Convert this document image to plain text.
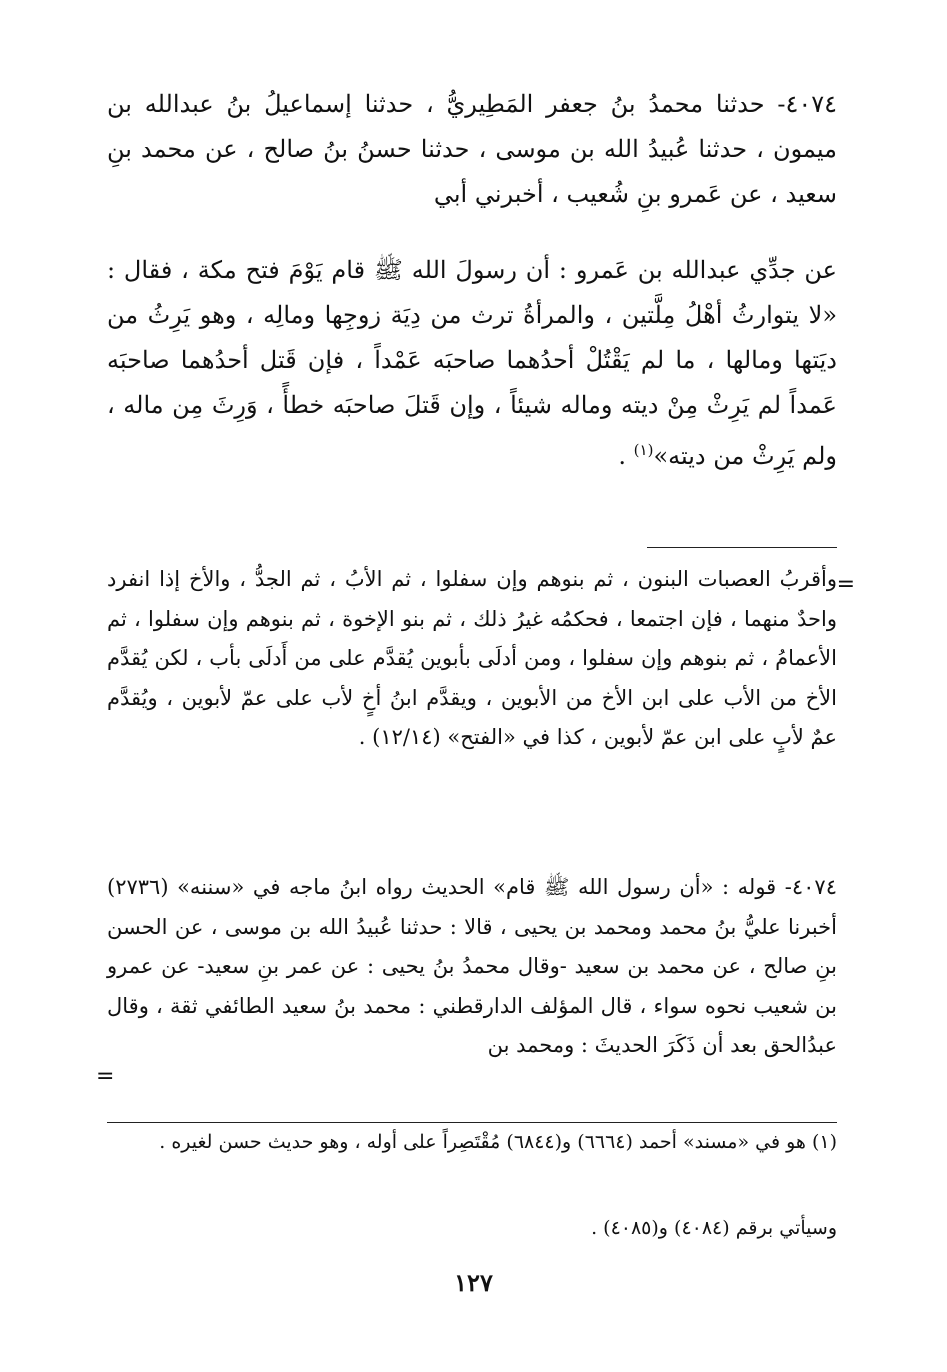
٤٠٧٤- حدثنا محمدُ بنُ جعفر المَطِيريُّ ، حدثنا إسماعيلُ بنُ عبدالله بن ميمون ، حدثنا عُبيدُ الله بن موسى ، حدثنا حسنُ بنُ صالح ، عن محمد بنِ سعيد ، عن عَمرو بنِ شُعيب ، أخبرني أبي

عن جدِّي عبدالله بن عَمرو : أن رسولَ الله ﷺ قام يَوْمَ فتح مكة ، فقال : «لا يتوارثُ أهْلُ مِلَّتين ، والمرأةُ ترث من دِيَة زوجِها ومالِه ، وهو يَرِثُ من ديَتها ومالها ، ما لم يَقْتُلْ أحدُهما صاحبَه عَمْداً ، فإن قَتل أحدُهما صاحبَه عَمداً لم يَرِثْ مِنْ ديته وماله شيئاً ، وإن قَتلَ صاحبَه خطأً ، وَرِثَ مِن ماله ، ولم يَرِثْ من ديته»$^{(١)}$ .

=

وأقربُ العصبات البنون ، ثم بنوهم وإن سفلوا ، ثم الأبُ ، ثم الجدُّ ، والأخ إذا انفرد واحدٌ منهما ، فإن اجتمعا ، فحكمُه غيرُ ذلك ، ثم بنو الإخوة ، ثم بنوهم وإن سفلوا ، ثم الأعمامُ ، ثم بنوهم وإن سفلوا ، ومن أدلَى بأبوين يُقدَّم على من أَدلَى بأب ، لكن يُقدَّم الأخ من الأب على ابن الأخ من الأبوين ، ويقدَّم ابنُ أخٍ لأب على عمّ لأبوين ، ويُقدَّم عمٌ لأبٍ على ابن عمّ لأبوين ، كذا في «الفتح» (١٢/١٤) .

٤٠٧٤- قوله : «أن رسول الله ﷺ قام» الحديث رواه ابنُ ماجه في «سننه» (٢٧٣٦) أخبرنا عليُّ بنُ محمد ومحمد بن يحيى ، قالا : حدثنا عُبيدُ الله بن موسى ، عن الحسن بنِ صالح ، عن محمد بن سعيد -وقال محمدُ بنُ يحيى : عن عمر بنِ سعيد- عن عمرو بن شعيب نحوه سواء ، قال المؤلف الدارقطني : محمد بنُ سعيد الطائفي ثقة ، وقال عبدُالحق بعد أن ذَكَرَ الحديثَ : ومحمد بن

=

(١) هو في «مسند» أحمد (٦٦٦٤) و(٦٨٤٤) مُقْتَصِراً على أوله ، وهو حديث حسن لغيره .

وسيأتي برقم (٤٠٨٤) و(٤٠٨٥) .

١٢٧
